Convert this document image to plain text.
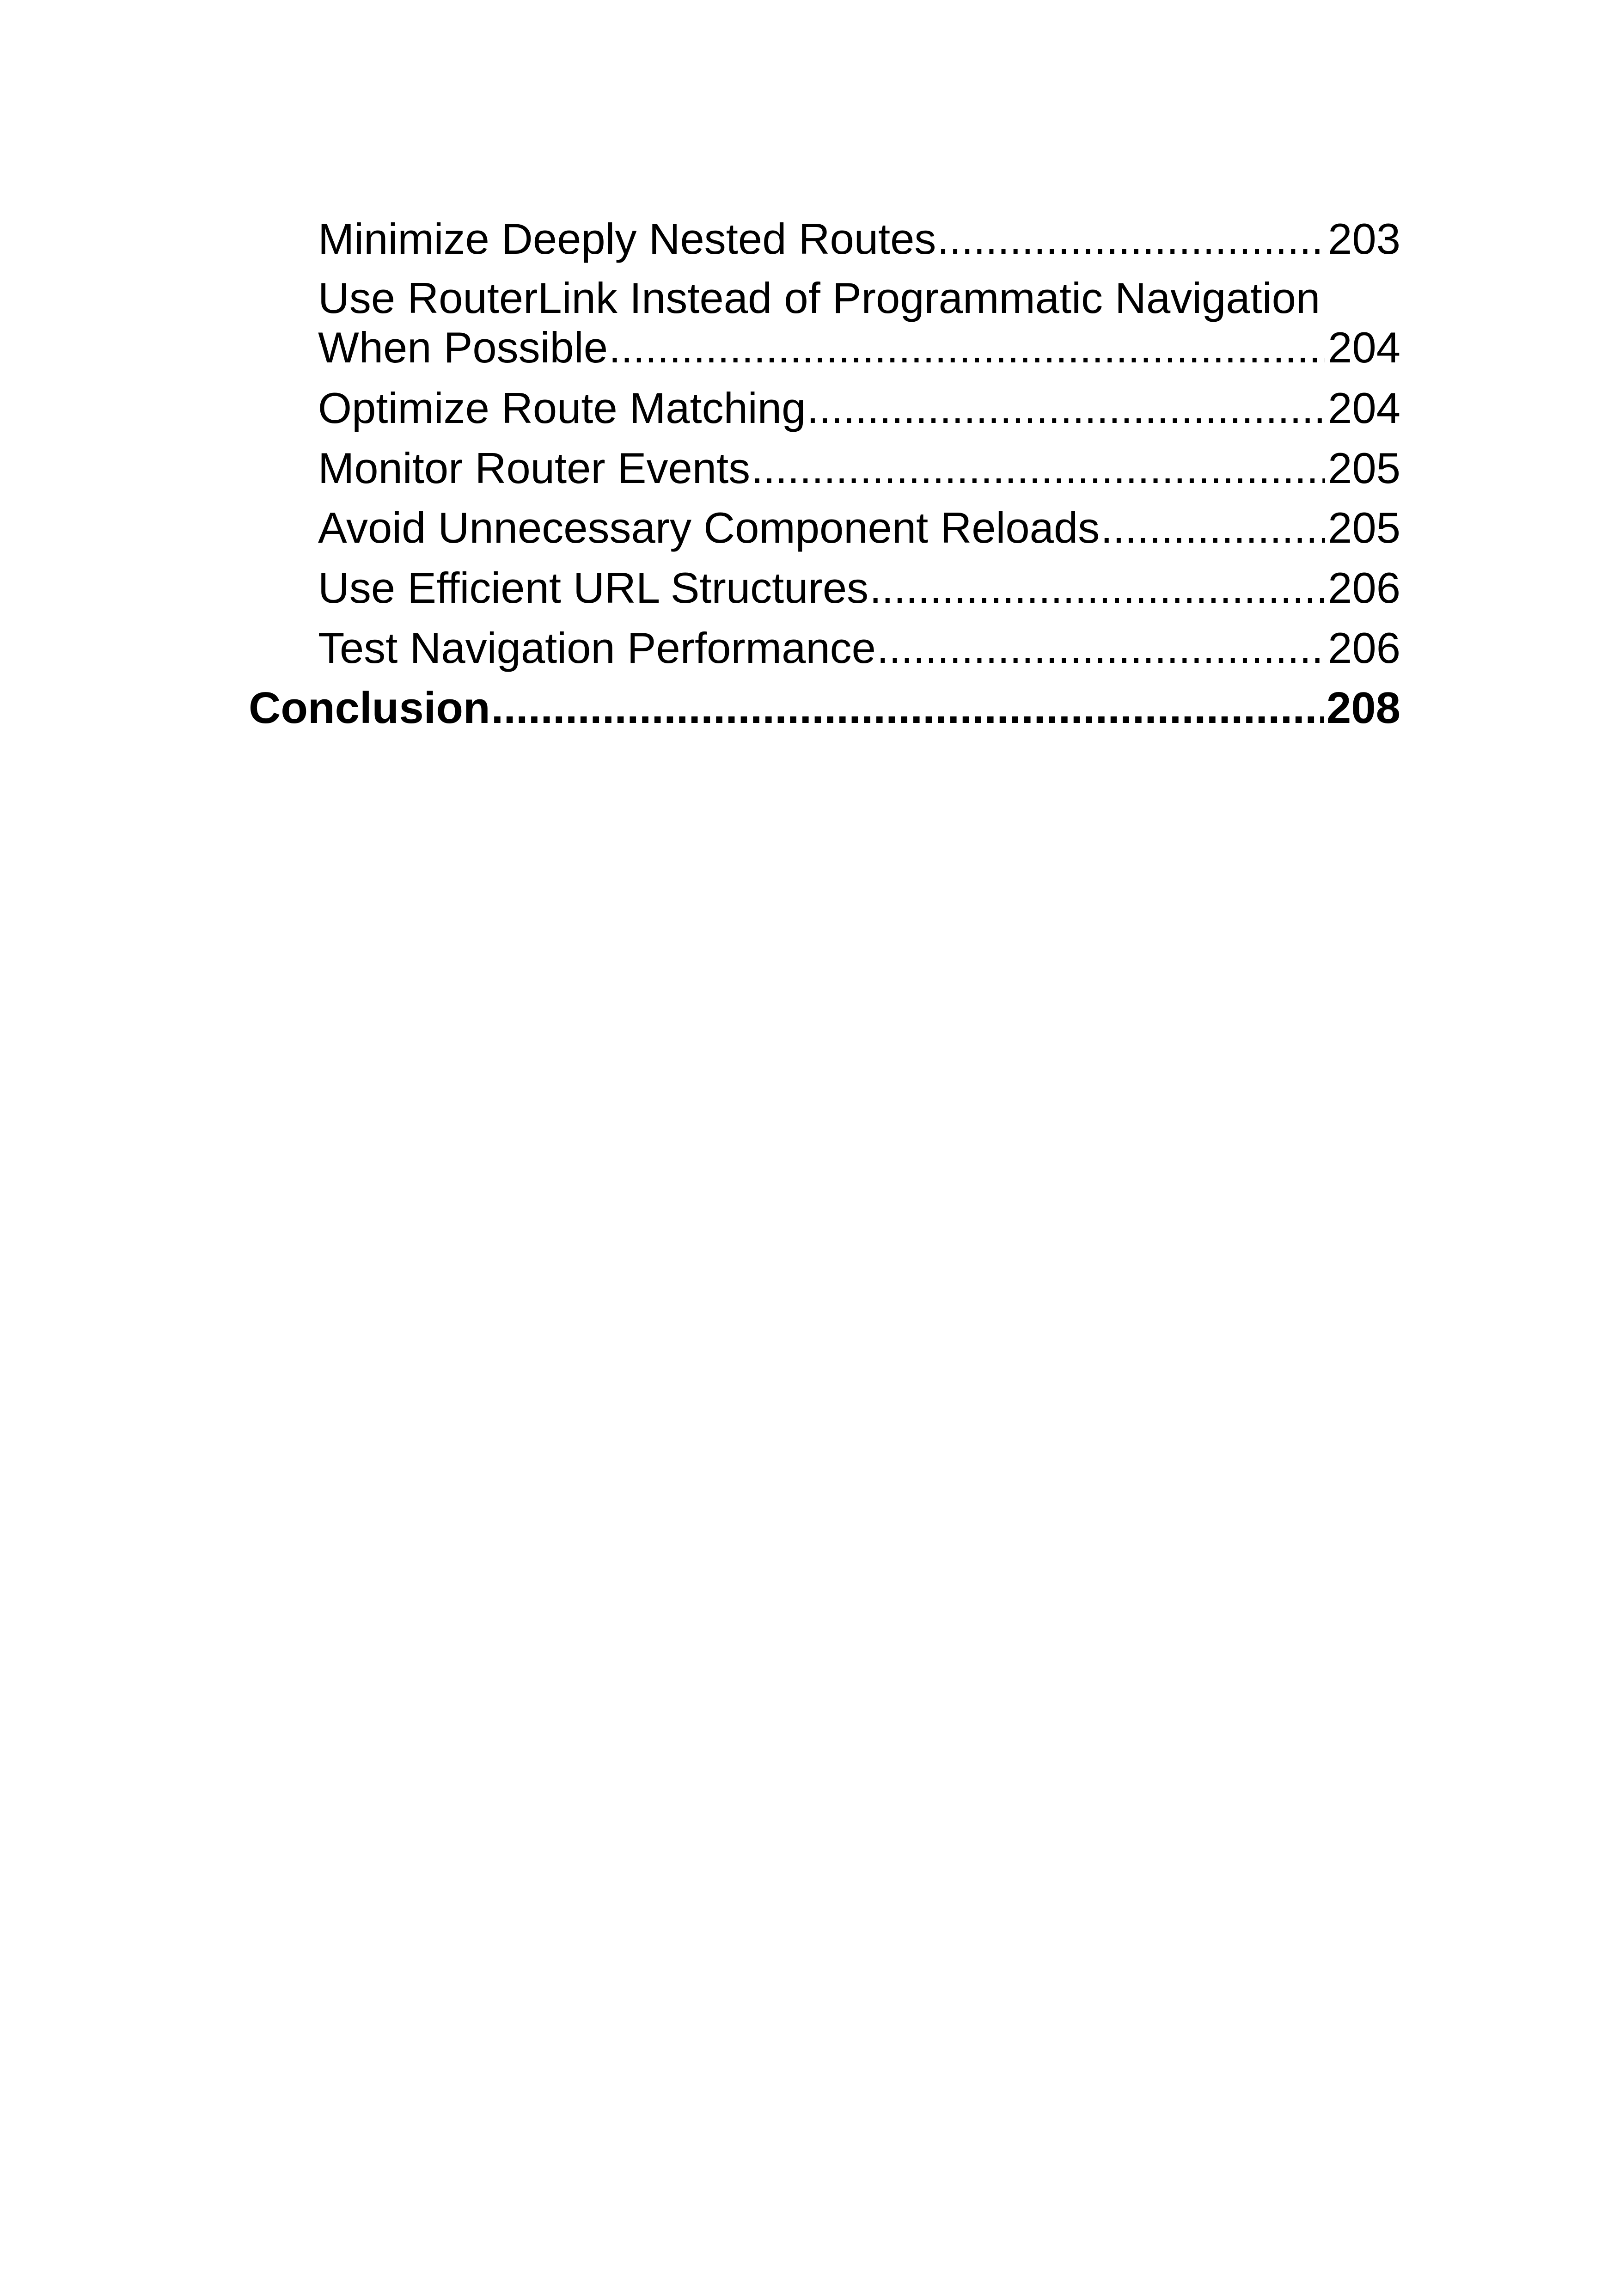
Minimize Deeply Nested Routes .....	203
Use RouterLink Instead of Programmatic Navigation
When Possible .....	204
Optimize Route Matching .....	204
Monitor Router Events .....	205
Avoid Unnecessary Component Reloads .....	205
Use Efficient URL Structures .....	206
Test Navigation Performance .....	206
Conclusion .....	208
